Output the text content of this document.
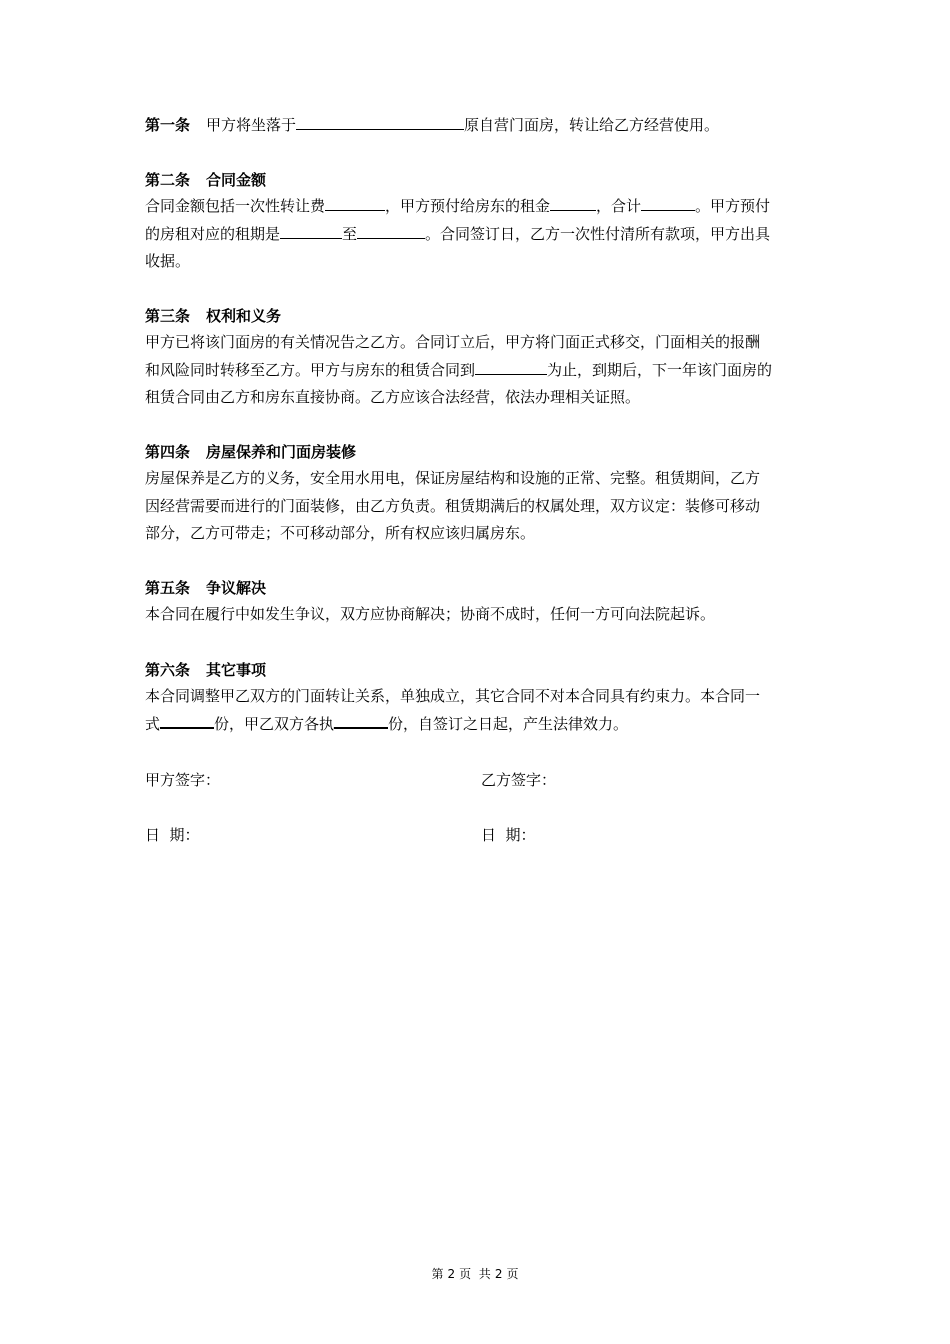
第一条 甲方将坐落于	原自营门面房，转让给乙方经营使用。

第二条 合同金额

合同金额包括一次性转让费	，甲方预付给房东的租金	，合计	。甲方预付

的房租对应的租期是	至	。合同签订日，乙方一次性付清所有款项，甲方出具

收据。

第三条 权利和义务

甲方已将该门面房的有关情况告之乙方。合同订立后，甲方将门面正式移交，门面相关的报酬

和风险同时转移至乙方。甲方与房东的租赁合同到	为止，到期后，下一年该门面房的

租赁合同由乙方和房东直接协商。乙方应该合法经营，依法办理相关证照。

第四条 房屋保养和门面房装修

房屋保养是乙方的义务，安全用水用电，保证房屋结构和设施的正常、完整。租赁期间，乙方

因经营需要而进行的门面装修，由乙方负责。租赁期满后的权属处理，双方议定：装修可移动

部分，乙方可带走；不可移动部分，所有权应该归属房东。

第五条 争议解决

本合同在履行中如发生争议，双方应协商解决；协商不成时，任何一方可向法院起诉。

第六条 其它事项

本合同调整甲乙双方的门面转让关系，单独成立，其它合同不对本合同具有约束力。本合同一

式	份，甲乙双方各执	份，自签订之日起，产生法律效力。

甲方签字：	乙方签字：
日  期：	日  期：
第 2 页  共 2 页
